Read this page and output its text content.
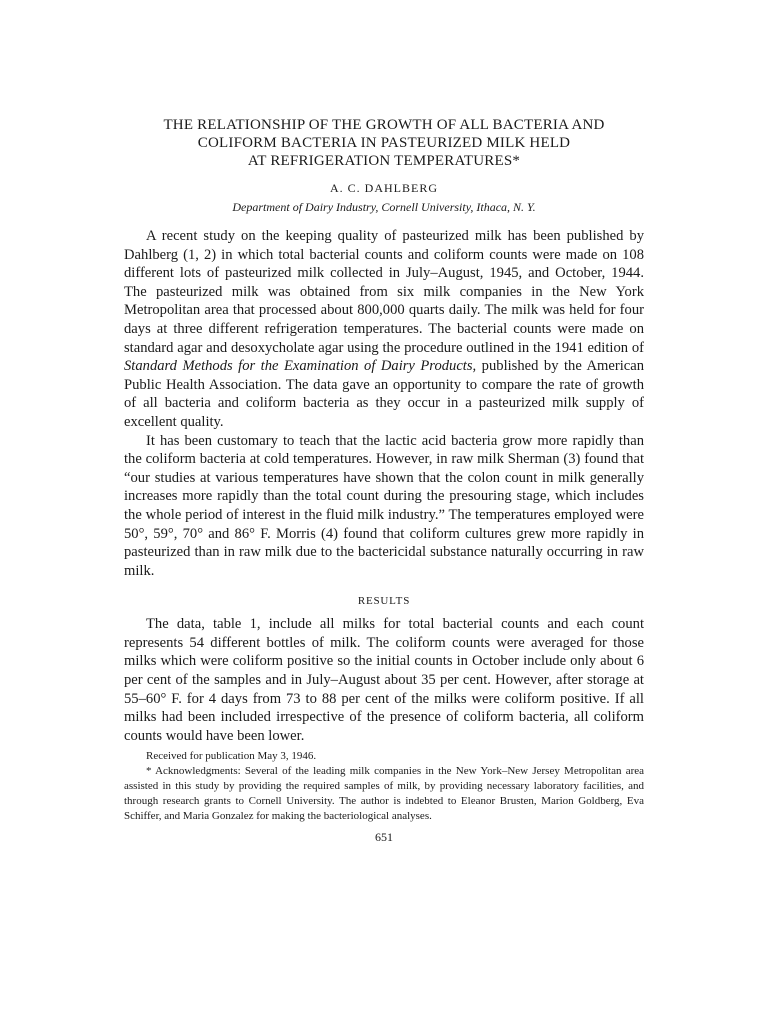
THE RELATIONSHIP OF THE GROWTH OF ALL BACTERIA AND
COLIFORM BACTERIA IN PASTEURIZED MILK HELD
AT REFRIGERATION TEMPERATURES*
A. C. DAHLBERG
Department of Dairy Industry, Cornell University, Ithaca, N. Y.

A recent study on the keeping quality of pasteurized milk has been published by Dahlberg (1, 2) in which total bacterial counts and coliform counts were made on 108 different lots of pasteurized milk collected in July–August, 1945, and October, 1944. The pasteurized milk was obtained from six milk companies in the New York Metropolitan area that processed about 800,000 quarts daily. The milk was held for four days at three different refrigeration temperatures. The bacterial counts were made on standard agar and desoxycholate agar using the procedure outlined in the 1941 edition of Standard Methods for the Examination of Dairy Products, published by the American Public Health Association. The data gave an opportunity to compare the rate of growth of all bacteria and coliform bacteria as they occur in a pasteurized milk supply of excellent quality.

It has been customary to teach that the lactic acid bacteria grow more rapidly than the coliform bacteria at cold temperatures. However, in raw milk Sherman (3) found that “our studies at various temperatures have shown that the colon count in milk generally increases more rapidly than the total count during the presouring stage, which includes the whole period of interest in the fluid milk industry.” The temperatures employed were 50°, 59°, 70° and 86° F. Morris (4) found that coliform cultures grew more rapidly in pasteurized than in raw milk due to the bactericidal substance naturally occurring in raw milk.

RESULTS

The data, table 1, include all milks for total bacterial counts and each count represents 54 different bottles of milk. The coliform counts were averaged for those milks which were coliform positive so the initial counts in October include only about 6 per cent of the samples and in July–August about 35 per cent. However, after storage at 55–60° F. for 4 days from 73 to 88 per cent of the milks were coliform positive. If all milks had been included irrespective of the presence of coliform bacteria, all coliform counts would have been lower.

Received for publication May 3, 1946.

* Acknowledgments: Several of the leading milk companies in the New York–New Jersey Metropolitan area assisted in this study by providing the required samples of milk, by providing necessary laboratory facilities, and through research grants to Cornell University. The author is indebted to Eleanor Brusten, Marion Goldberg, Eva Schiffer, and Maria Gonzalez for making the bacteriological analyses.

651
